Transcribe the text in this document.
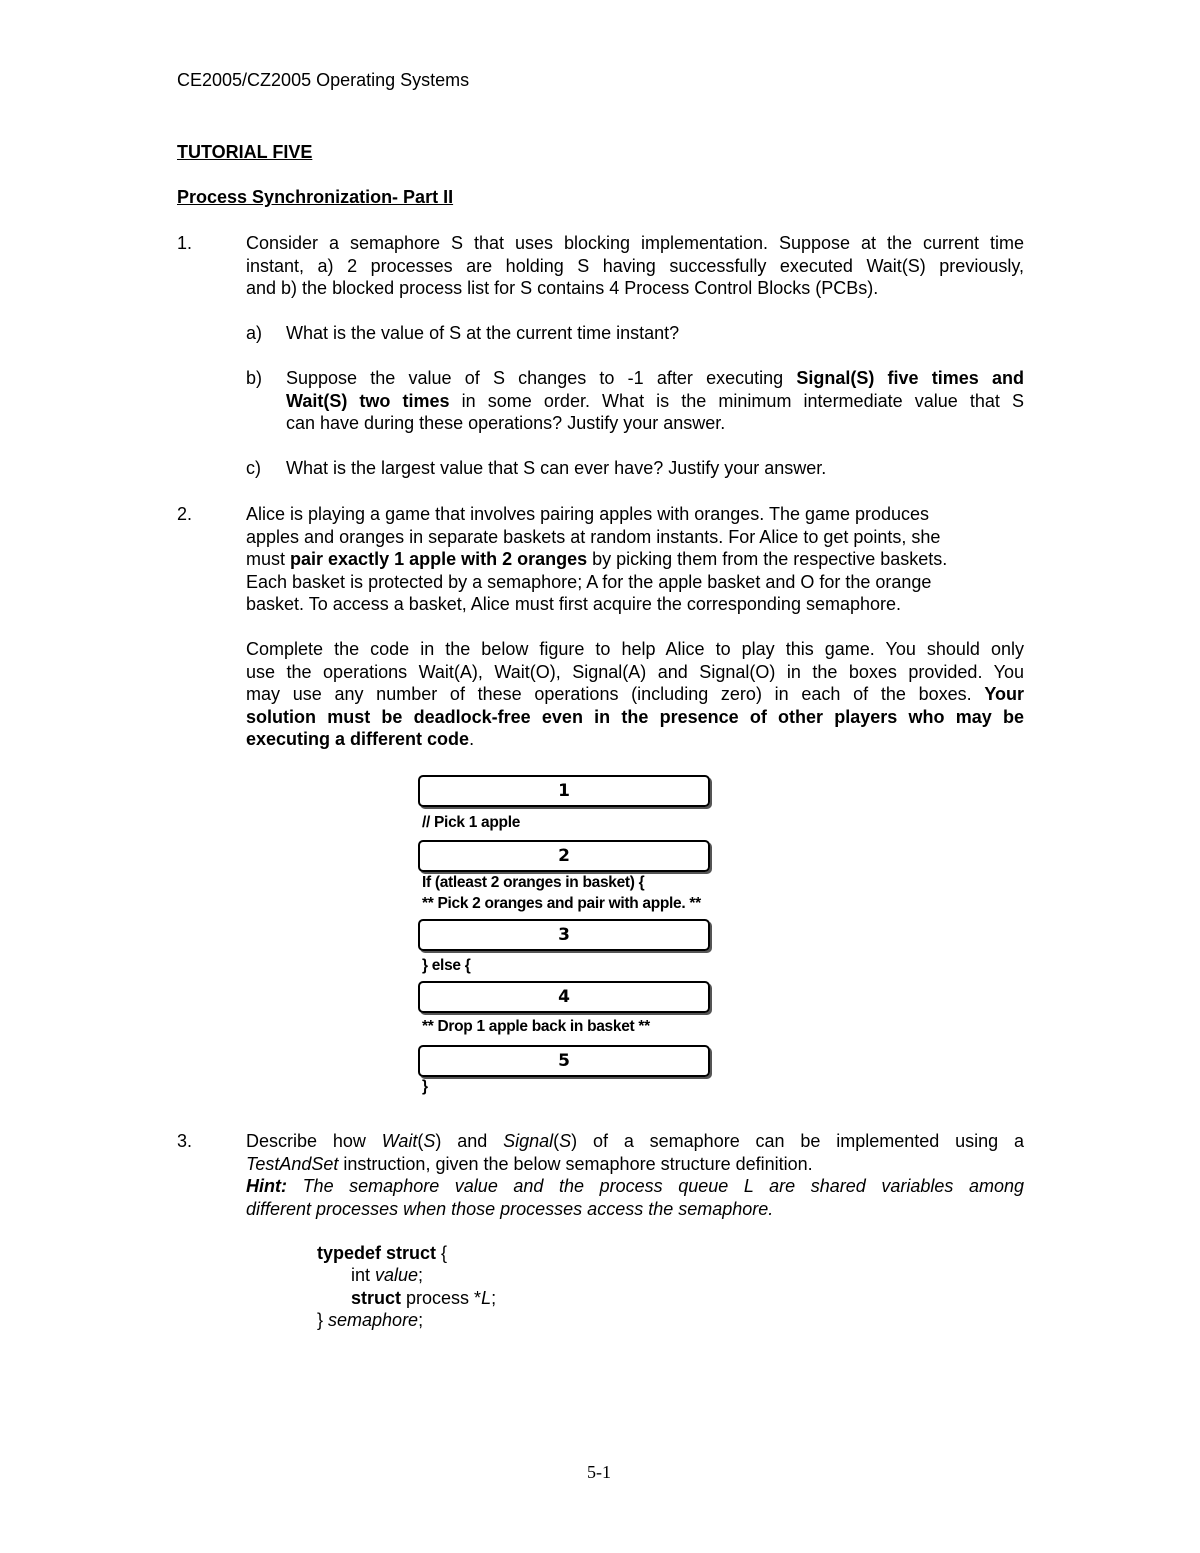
CE2005/CZ2005 Operating Systems
TUTORIAL FIVE
Process Synchronization- Part II
1.	Consider a semaphore S that uses blocking implementation. Suppose at the current time
instant, a) 2 processes are holding S having successfully executed Wait(S) previously,
and b) the blocked process list for S contains 4 Process Control Blocks (PCBs).
a) What is the value of S at the current time instant?
b) Suppose the value of S changes to -1 after executing Signal(S) five times and
Wait(S) two times in some order. What is the minimum intermediate value that S
can have during these operations? Justify your answer.
c) What is the largest value that S can ever have? Justify your answer.
2.	Alice is playing a game that involves pairing apples with oranges. The game produces
apples and oranges in separate baskets at random instants. For Alice to get points, she
must pair exactly 1 apple with 2 oranges by picking them from the respective baskets.
Each basket is protected by a semaphore; A for the apple basket and O for the orange
basket. To access a basket, Alice must first acquire the corresponding semaphore.
Complete the code in the below figure to help Alice to play this game. You should only
use the operations Wait(A), Wait(O), Signal(A) and Signal(O) in the boxes provided. You
may use any number of these operations (including zero) in each of the boxes. Your
solution must be deadlock-free even in the presence of other players who may be
executing a different code.
1
// Pick 1 apple
2
If (atleast 2 oranges in basket) {
** Pick 2 oranges and pair with apple. **
3
} else {
4
** Drop 1 apple back in basket **
5
}
3.	Describe how Wait(S) and Signal(S) of a semaphore can be implemented using a
TestAndSet instruction, given the below semaphore structure definition.
Hint: The semaphore value and the process queue L are shared variables among
different processes when those processes access the semaphore.
typedef struct {
int value;
struct process *L;
} semaphore;
5-1
